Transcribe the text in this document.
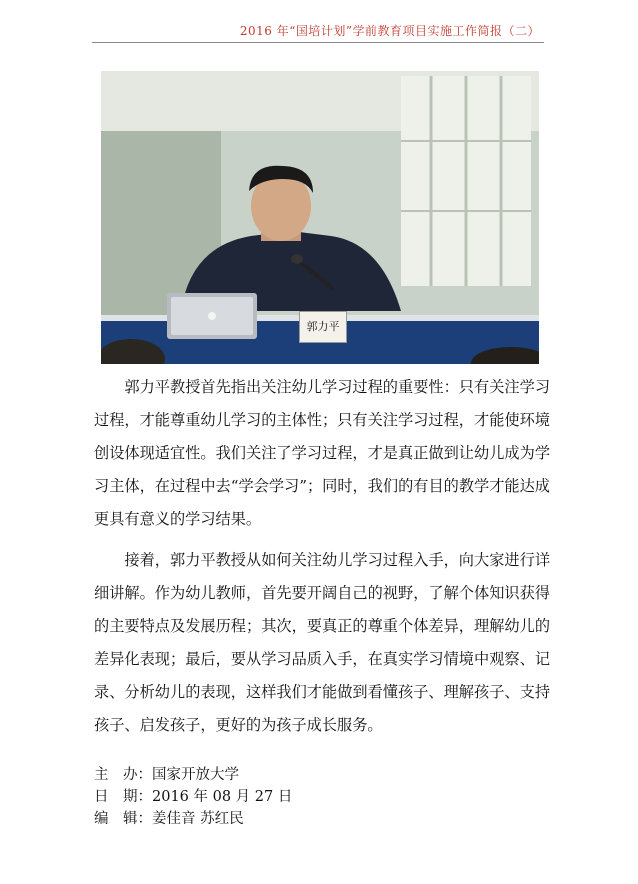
2016 年“国培计划”学前教育项目实施工作简报（二）
郭力平

郭力平教授首先指出关注幼儿学习过程的重要性：只有关注学习过程，才能尊重幼儿学习的主体性；只有关注学习过程，才能使环境创设体现适宜性。我们关注了学习过程，才是真正做到让幼儿成为学习主体，在过程中去“学会学习”；同时，我们的有目的教学才能达成更具有意义的学习结果。

接着，郭力平教授从如何关注幼儿学习过程入手，向大家进行详细讲解。作为幼儿教师，首先要开阔自己的视野，了解个体知识获得的主要特点及发展历程；其次，要真正的尊重个体差异，理解幼儿的差异化表现；最后，要从学习品质入手，在真实学习情境中观察、记录、分析幼儿的表现，这样我们才能做到看懂孩子、理解孩子、支持孩子、启发孩子，更好的为孩子成长服务。

主　办：国家开放大学
日　期：2016 年 08 月 27 日
编　辑：姜佳音 苏红民
